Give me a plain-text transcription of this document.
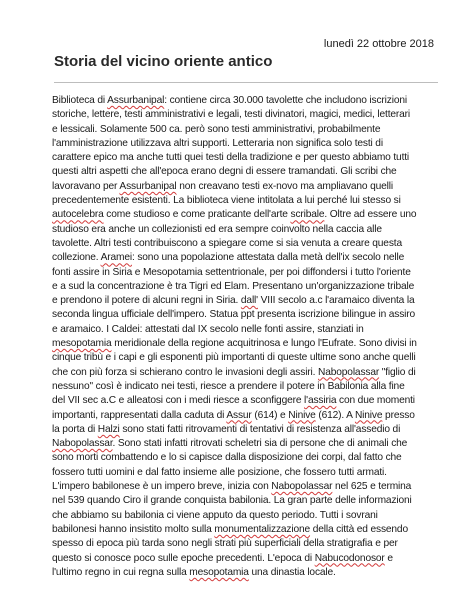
lunedì 22 ottobre 2018
Storia del vicino oriente antico

Biblioteca di Assurbanipal: contiene circa 30.000 tavolette che includono iscrizioni
storiche, lettere, testi amministrativi e legali, testi divinatori, magici, medici, letterari
e lessicali. Solamente 500 ca. però sono testi amministrativi, probabilmente
l'amministrazione utilizzava altri supporti. Letteraria non significa solo testi di
carattere epico ma anche tutti quei testi della tradizione e per questo abbiamo tutti
questi altri aspetti che all'epoca erano degni di essere tramandati. Gli scribi che
lavoravano per Assurbanipal non creavano testi ex-novo ma ampliavano quelli
precedentemente esistenti. La biblioteca viene intitolata a lui perché lui stesso si
autocelebra come studioso e come praticante dell'arte scribale. Oltre ad essere uno
studioso era anche un collezionisti ed era sempre coinvolto nella caccia alle
tavolette. Altri testi contribuiscono a spiegare come si sia venuta a creare questa
collezione. Aramei: sono una popolazione attestata dalla metà dell'ix secolo nelle
fonti assire in Siria e Mesopotamia settentrionale, per poi diffondersi i tutto l'oriente
e a sud la concentrazione è tra Tigri ed Elam. Presentano un'organizzazione tribale
e prendono il potere di alcuni regni in Siria. dall' VIII secolo a.c l'aramaico diventa la
seconda lingua ufficiale dell'impero. Statua ppt presenta iscrizione bilingue in assiro
e aramaico. I Caldei: attestati dal IX secolo nelle fonti assire, stanziati in
mesopotamia meridionale della regione acquitrinosa e lungo l'Eufrate. Sono divisi in
cinque tribù e i capi e gli esponenti più importanti di queste ultime sono anche quelli
che con più forza si schierano contro le invasioni degli assiri. Nabopolassar "figlio di
nessuno" così è indicato nei testi, riesce a prendere il potere in Babilonia alla fine
del VII sec a.C e alleatosi con i medi riesce a sconfiggere l'assiria con due momenti
importanti, rappresentati dalla caduta di Assur (614) e Ninive (612). A Ninive presso
la porta di Halzi sono stati fatti ritrovamenti di tentativi di resistenza all'assedio di
Nabopolassar. Sono stati infatti ritrovati scheletri sia di persone che di animali che
sono morti combattendo e lo si capisce dalla disposizione dei corpi, dal fatto che
fossero tutti uomini e dal fatto insieme alle posizione, che fossero tutti armati.
L'impero babilonese è un impero breve, inizia con Nabopolassar nel 625 e termina
nel 539 quando Ciro il grande conquista babilonia. La gran parte delle informazioni
che abbiamo su babilonia ci viene apputo da questo periodo. Tutti i sovrani
babilonesi hanno insistito molto sulla monumentalizzazione della città ed essendo
spesso di epoca più tarda sono negli strati più superficiali della stratigrafia e per
questo si conosce poco sulle epoche precedenti. L'epoca di Nabucodonosor e
l'ultimo regno in cui regna sulla mesopotamia una dinastia locale.
